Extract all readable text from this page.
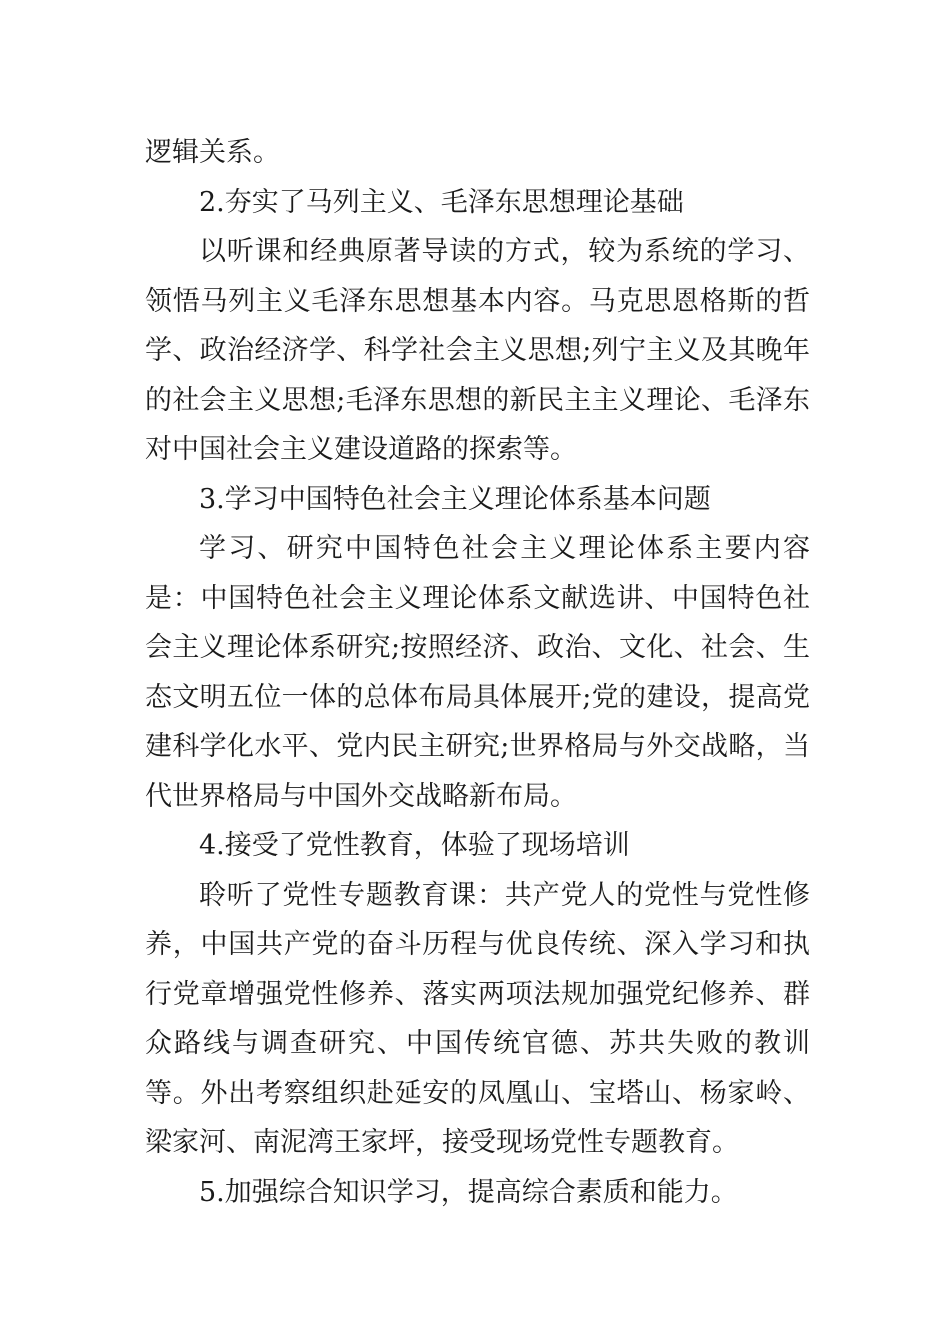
逻辑关系。

2.夯实了马列主义、毛泽东思想理论基础

以听课和经典原著导读的方式，较为系统的学习、领悟马列主义毛泽东思想基本内容。马克思恩格斯的哲学、政治经济学、科学社会主义思想;列宁主义及其晚年的社会主义思想;毛泽东思想的新民主主义理论、毛泽东对中国社会主义建设道路的探索等。

3.学习中国特色社会主义理论体系基本问题

学习、研究中国特色社会主义理论体系主要内容是：中国特色社会主义理论体系文献选讲、中国特色社会主义理论体系研究;按照经济、政治、文化、社会、生态文明五位一体的总体布局具体展开;党的建设，提高党建科学化水平、党内民主研究;世界格局与外交战略，当代世界格局与中国外交战略新布局。

4.接受了党性教育，体验了现场培训

聆听了党性专题教育课：共产党人的党性与党性修养，中国共产党的奋斗历程与优良传统、深入学习和执行党章增强党性修养、落实两项法规加强党纪修养、群众路线与调查研究、中国传统官德、苏共失败的教训等。外出考察组织赴延安的凤凰山、宝塔山、杨家岭、梁家河、南泥湾王家坪，接受现场党性专题教育。

5.加强综合知识学习，提高综合素质和能力。
